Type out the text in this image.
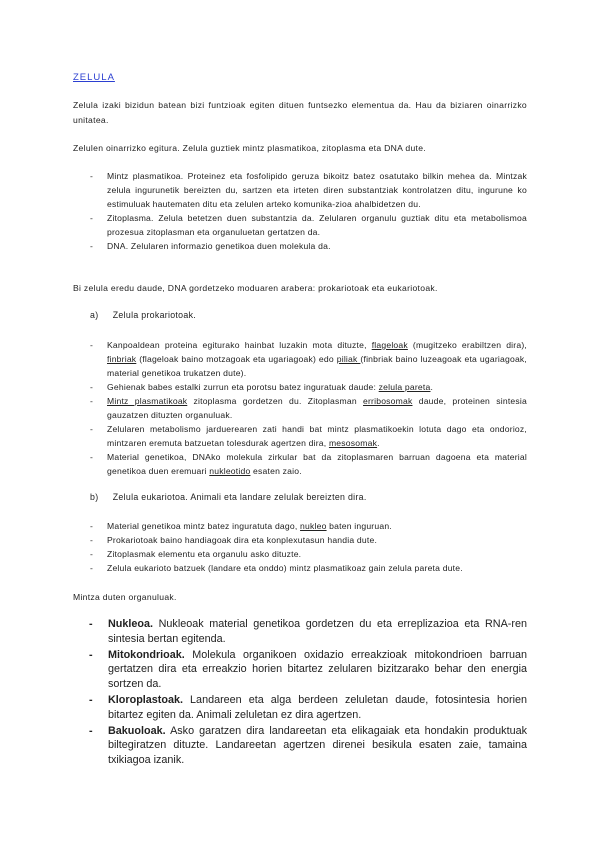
ZELULA

Zelula izaki bizidun batean bizi funtzioak egiten dituen funtsezko elementua da. Hau da biziaren oinarrizko unitatea.

Zelulen oinarrizko egitura. Zelula guztiek mintz plasmatikoa, zitoplasma eta DNA dute.

- Mintz plasmatikoa. Proteinez eta fosfolipido geruza bikoitz batez osatutako bilkin mehea da. Mintzak zelula ingurunetik bereizten du, sartzen eta irteten diren substantziak kontrolatzen ditu, ingurune ko estimuluak hautematen ditu eta zelulen arteko komunika-zioa ahalbidetzen du.
- Zitoplasma. Zelula betetzen duen substantzia da. Zelularen organulu guztiak ditu eta metabolismoa prozesua zitoplasman eta organuluetan gertatzen da.
- DNA. Zelularen informazio genetikoa duen molekula da.

Bi zelula eredu daude, DNA gordetzeko moduaren arabera: prokariotoak eta eukariotoak.

a) Zelula prokariotoak.
- Kanpoaldean proteina egiturako hainbat luzakin mota dituzte, flageloak (mugitzeko erabiltzen dira), finbriak (flageloak baino motzagoak eta ugariagoak) edo piliak (finbriak baino luzeagoak eta ugariagoak, material genetikoa trukatzen dute).
- Gehienak babes estalki zurrun eta porotsu batez inguratuak daude: zelula pareta.
- Mintz plasmatikoak zitoplasma gordetzen du. Zitoplasman erribosomak daude, proteinen sintesia gauzatzen dituzten organuluak.
- Zelularen metabolismo jarduerearen zati handi bat mintz plasmatikoekin lotuta dago eta ondorioz, mintzaren eremuta batzuetan tolesdurak agertzen dira, mesosomak.
- Material genetikoa, DNAko molekula zirkular bat da zitoplasmaren barruan dagoena eta material genetikoa duen eremuari nukleotido esaten zaio.
b) Zelula eukariotoa. Animali eta landare zelulak bereizten dira.
- Material genetikoa mintz batez inguratuta dago, nukleo baten inguruan.
- Prokariotoak baino handiagoak dira eta konplexutasun handia dute.
- Zitoplasmak elementu eta organulu asko dituzte.
- Zelula eukarioto batzuek (landare eta onddo) mintz plasmatikoaz gain zelula pareta dute.

Mintza duten organuluak.

- Nukleoa. Nukleoak material genetikoa gordetzen du eta erreplizazioa eta RNA-ren sintesia bertan egitenda.
- Mitokondrioak. Molekula organikoen oxidazio erreakzioak mitokondrioen barruan gertatzen dira eta erreakzio horien bitartez zelularen bizitzarako behar den energia sortzen da.
- Kloroplastoak. Landareen eta alga berdeen zeluletan daude, fotosintesia horien bitartez egiten da. Animali zeluletan ez dira agertzen.
- Bakuoloak. Asko garatzen dira landareetan eta elikagaiak eta hondakin produktuak biltegiratzen dituzte. Landareetan agertzen direnei besikula esaten zaie, tamaina txikiagoa izanik.
